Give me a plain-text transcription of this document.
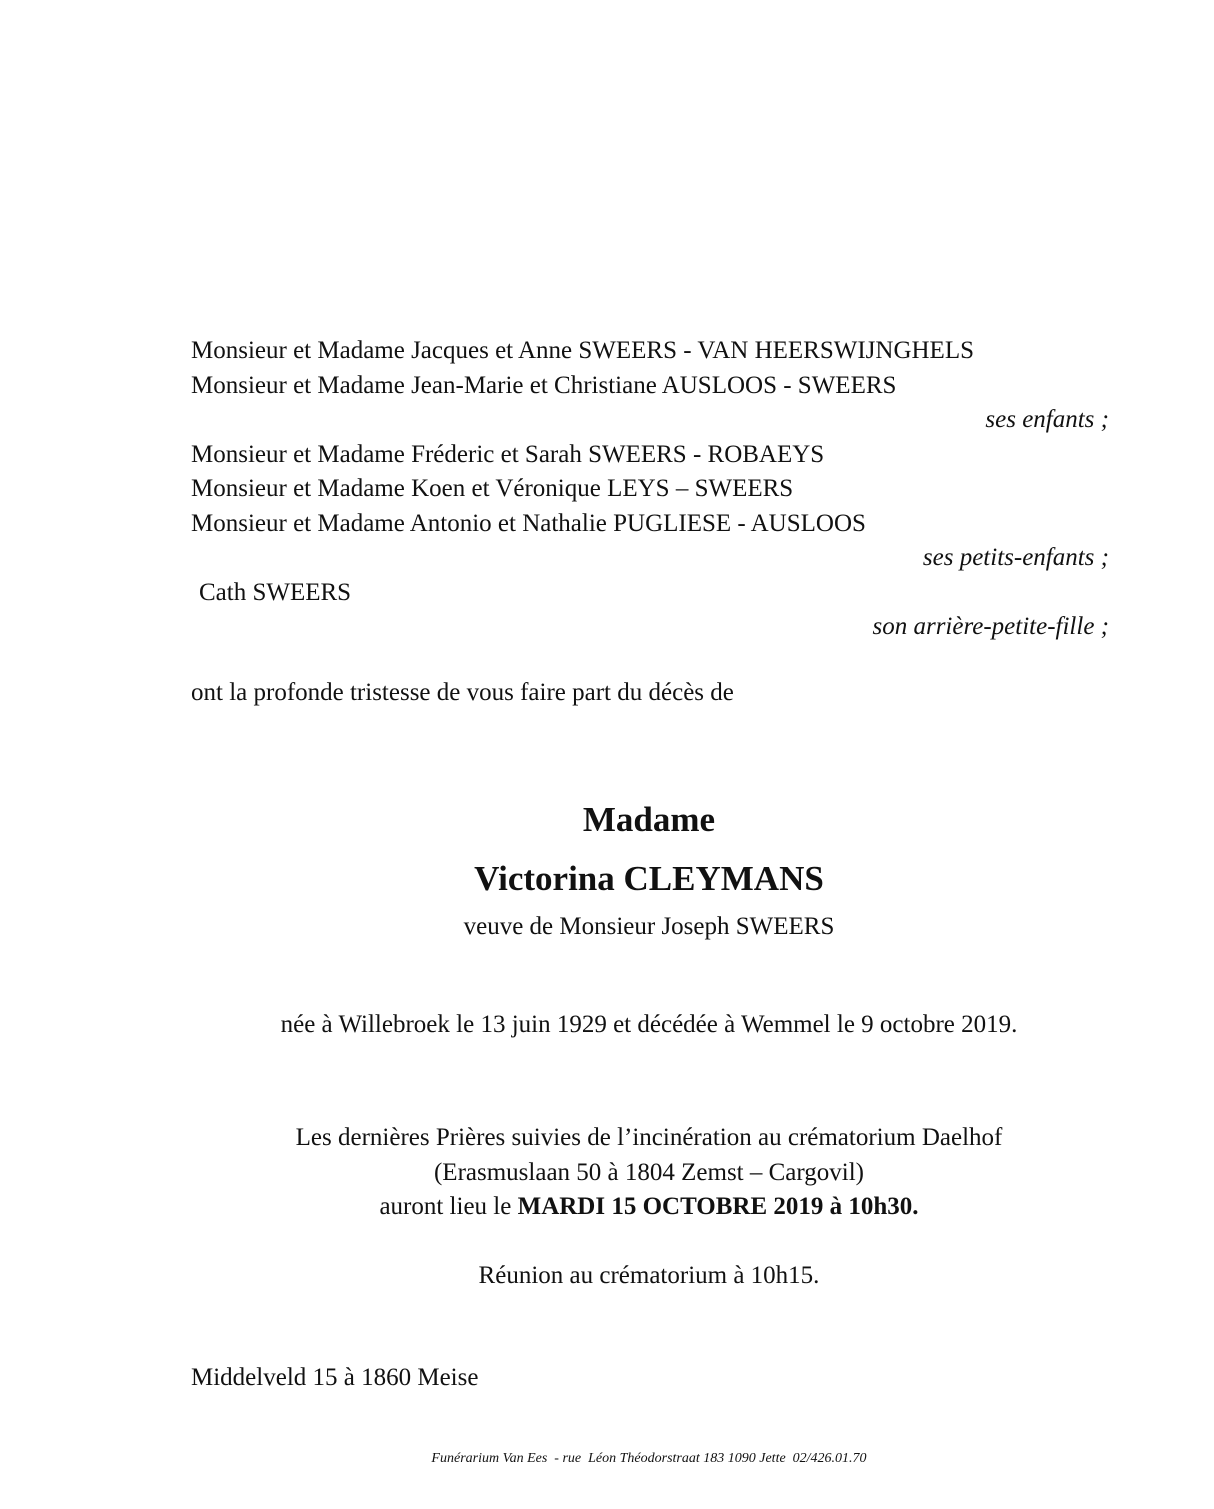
Monsieur et Madame Jacques et Anne SWEERS - VAN HEERSWIJNGHELS
Monsieur et Madame Jean-Marie et Christiane AUSLOOS - SWEERS
ses enfants ;
Monsieur et Madame Fréderic et Sarah SWEERS - ROBAEYS
Monsieur et Madame Koen et Véronique LEYS – SWEERS
Monsieur et Madame Antonio et Nathalie PUGLIESE - AUSLOOS
ses petits-enfants ;
Cath SWEERS
son arrière-petite-fille ;
ont la profonde tristesse de vous faire part du décès de
Madame
Victorina CLEYMANS
veuve de Monsieur Joseph SWEERS
née à Willebroek le 13 juin 1929 et décédée à Wemmel le 9 octobre 2019.
Les dernières Prières suivies de l’incinération au crématorium Daelhof
(Erasmuslaan 50 à 1804 Zemst – Cargovil)
auront lieu le MARDI 15 OCTOBRE 2019 à 10h30.
Réunion au crématorium à 10h15.
Middelveld 15 à 1860 Meise
Funérarium Van Ees  - rue  Léon Théodorstraat 183 1090 Jette  02/426.01.70
